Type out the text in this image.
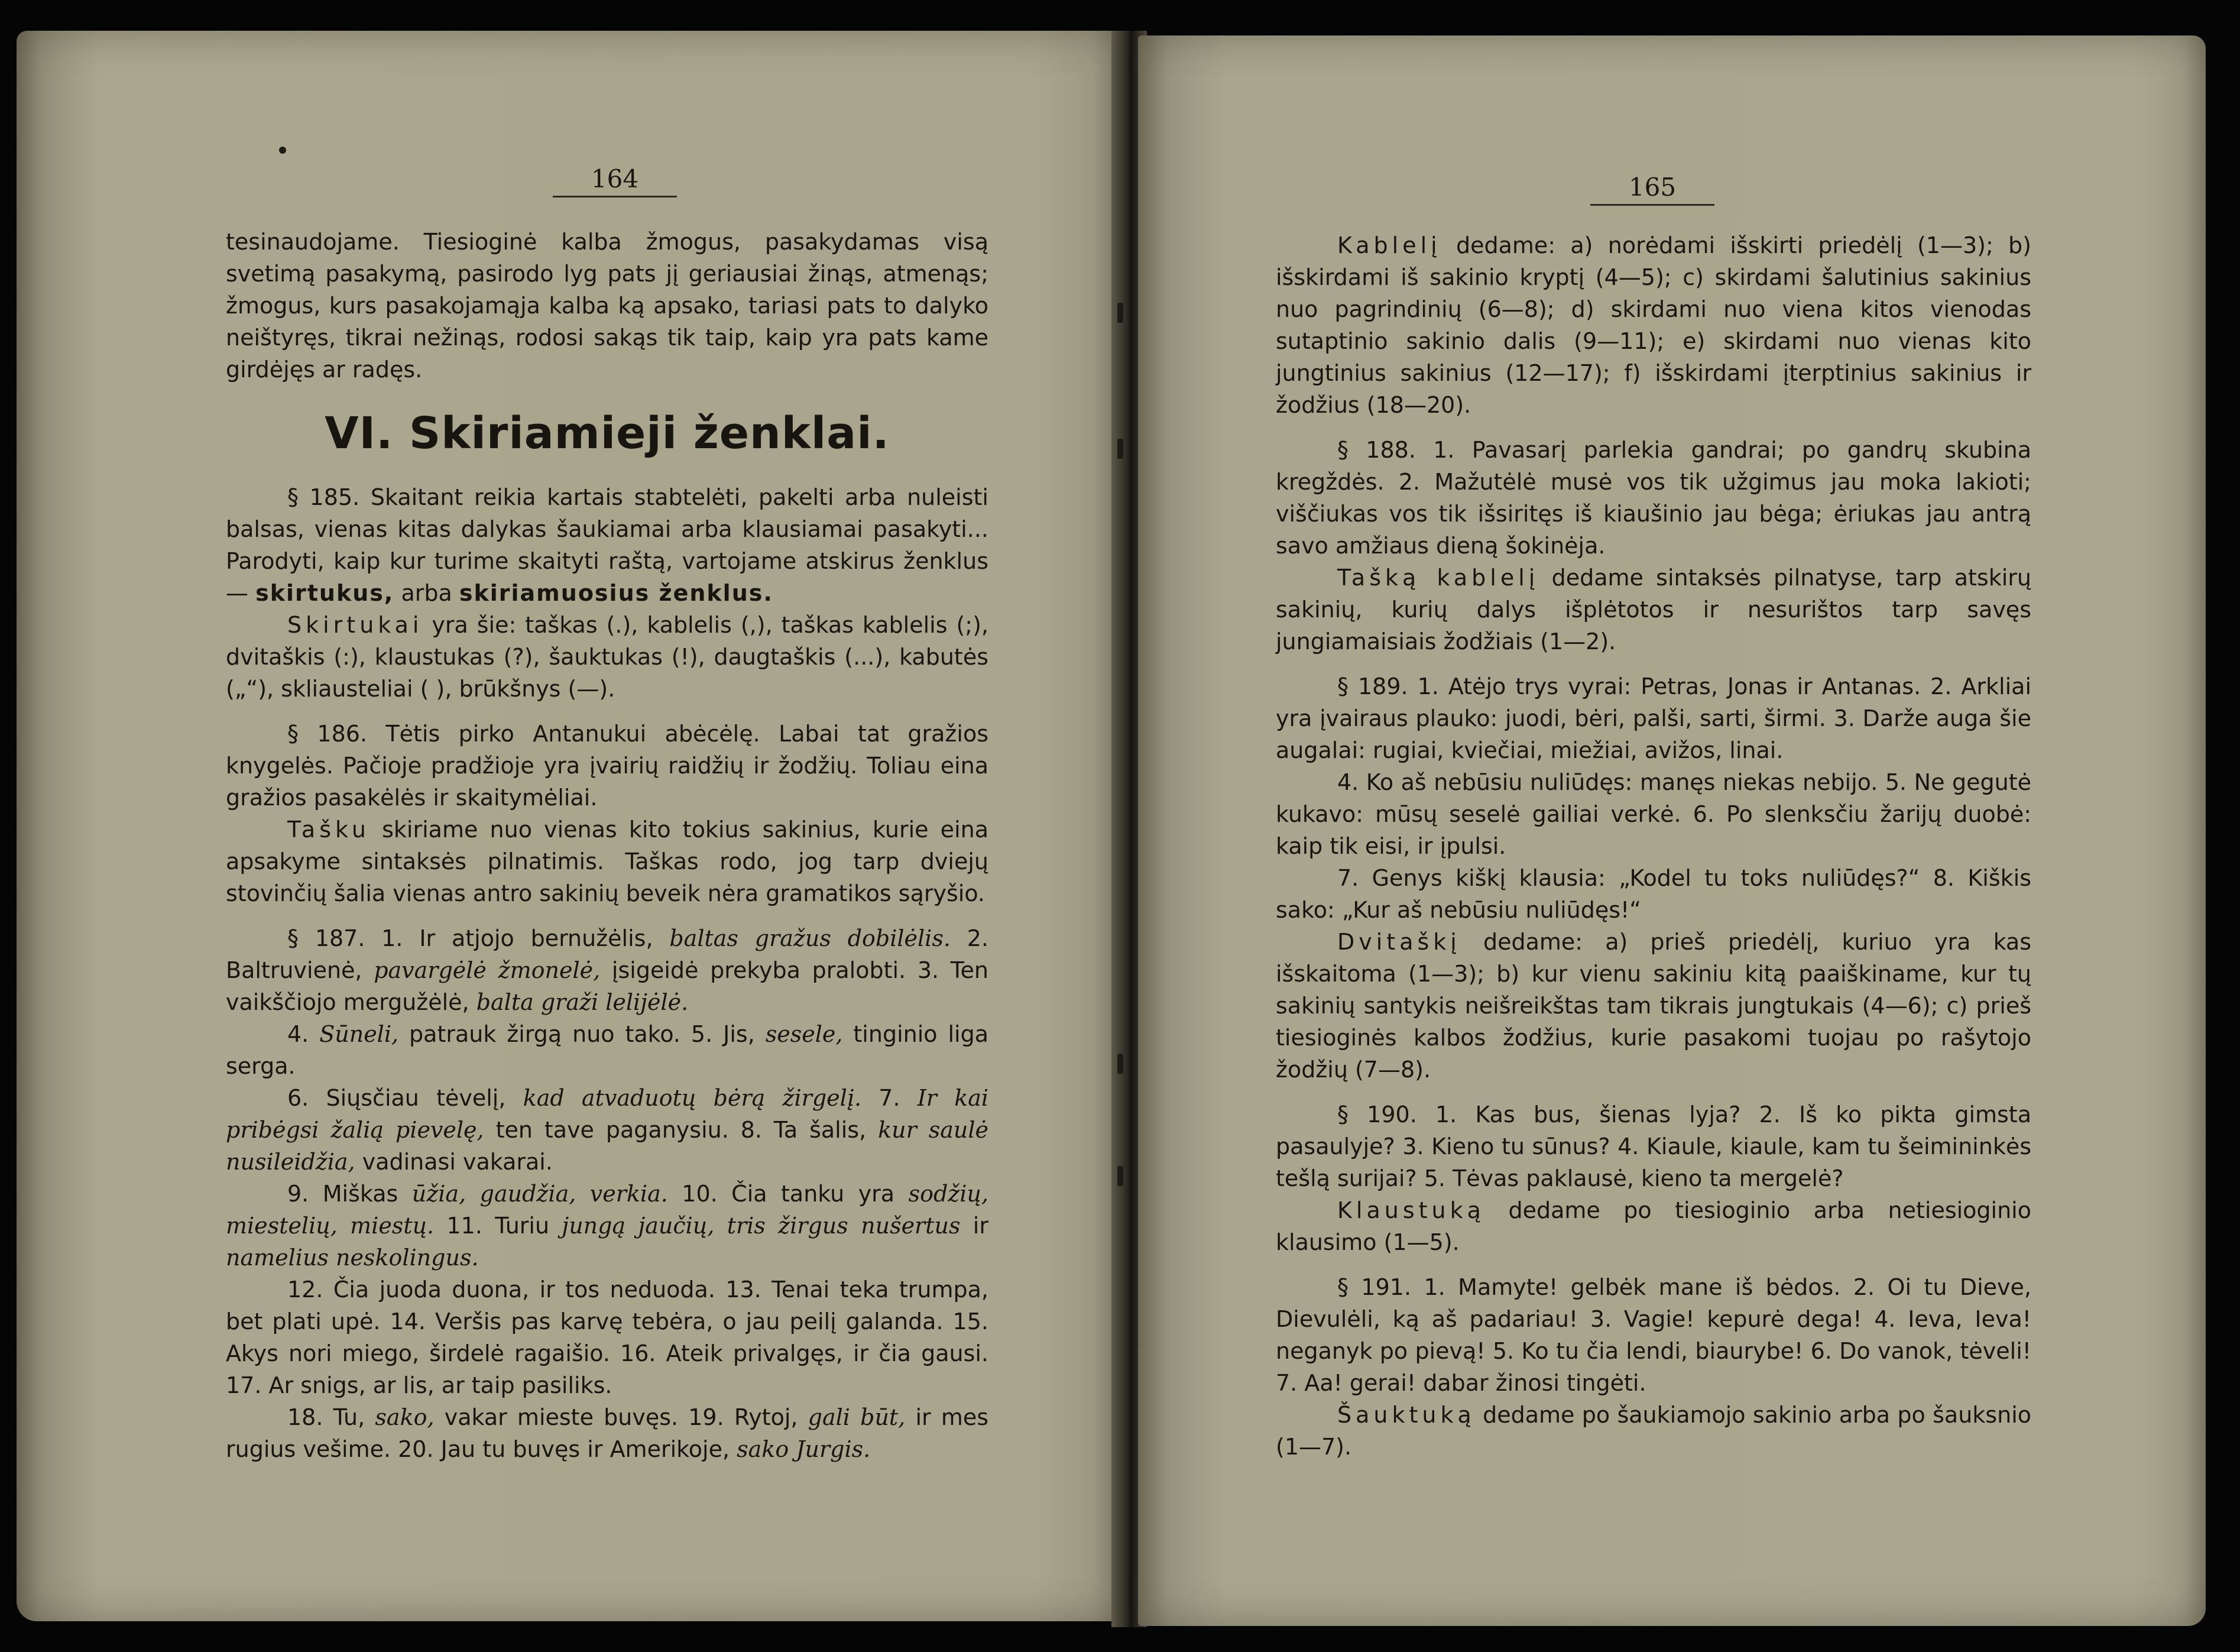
164

tesinaudojame. Tiesioginė kalba žmogus, pasakydamas visą svetimą pasakymą, pasirodo lyg pats jį geriausiai žinąs, atmenąs; žmogus, kurs pasakojamąja kalba ką apsako, tariasi pats to dalyko neištyręs, tikrai nežinąs, rodosi sakąs tik taip, kaip yra pats kame girdėjęs ar radęs.

VI. Skiriamieji ženklai.

§ 185. Skaitant reikia kartais stabtelėti, pakelti arba nuleisti balsas, vienas kitas dalykas šaukiamai arba klausiamai pasakyti... Parodyti, kaip kur turime skaityti raštą, vartojame atskirus ženklus — skirtukus, arba skiriamuosius ženklus.

Skirtukai yra šie: taškas (.), kablelis (,), taškas kablelis (;), dvitaškis (:), klaustukas (?), šauktukas (!), daugtaškis (...), kabutės („“), skliausteliai ( ), brūkšnys (—).

§ 186. Tėtis pirko Antanukui abėcėlę. Labai tat gražios knygelės. Pačioje pradžioje yra įvairių raidžių ir žodžių. Toliau eina gražios pasakėlės ir skaitymėliai.

Tašku skiriame nuo vienas kito tokius sakinius, kurie eina apsakyme sintaksės pilnatimis. Taškas rodo, jog tarp dviejų stovinčių šalia vienas antro sakinių beveik nėra gramatikos sąryšio.

§ 187. 1. Ir atjojo bernužėlis, baltas gražus dobilėlis. 2. Baltruvienė, pavargėlė žmonelė, įsigeidė prekyba pralobti. 3. Ten vaikščiojo mergužėlė, balta graži lelijėlė.

4. Sūneli, patrauk žirgą nuo tako. 5. Jis, sesele, tinginio liga serga.

6. Siųsčiau tėvelį, kad atvaduotų bėrą žirgelį. 7. Ir kai pribėgsi žalią pievelę, ten tave paganysiu. 8. Ta šalis, kur saulė nusileidžia, vadinasi vakarai.

9. Miškas ūžia, gaudžia, verkia. 10. Čia tanku yra sodžių, miestelių, miestų. 11. Turiu jungą jaučių, tris žirgus nušertus ir namelius neskolingus.

12. Čia juoda duona, ir tos neduoda. 13. Tenai teka trumpa, bet plati upė. 14. Veršis pas karvę tebėra, o jau peilį galanda. 15. Akys nori miego, širdelė ragaišio. 16. Ateik privalgęs, ir čia gausi. 17. Ar snigs, ar lis, ar taip pasiliks.

18. Tu, sako, vakar mieste buvęs. 19. Rytoj, gali būt, ir mes rugius vešime. 20. Jau tu buvęs ir Amerikoje, sako Jurgis.

165

Kablelį dedame: a) norėdami išskirti priedėlį (1—3); b) išskirdami iš sakinio kryptį (4—5); c) skirdami šalutinius sakinius nuo pagrindinių (6—8); d) skirdami nuo viena kitos vienodas sutaptinio sakinio dalis (9—11); e) skirdami nuo vienas kito jungtinius sakinius (12—17); f) išskirdami įterptinius sakinius ir žodžius (18—20).

§ 188. 1. Pavasarį parlekia gandrai; po gandrų skubina kregždės. 2. Mažutėlė musė vos tik užgimus jau moka lakioti; viščiukas vos tik išsiritęs iš kiaušinio jau bėga; ėriukas jau antrą savo amžiaus dieną šokinėja.

Tašką kablelį dedame sintaksės pilnatyse, tarp atskirų sakinių, kurių dalys išplėtotos ir nesurištos tarp savęs jungiamaisiais žodžiais (1—2).

§ 189. 1. Atėjo trys vyrai: Petras, Jonas ir Antanas. 2. Arkliai yra įvairaus plauko: juodi, bėri, palši, sarti, širmi. 3. Darže auga šie augalai: rugiai, kviečiai, miežiai, avižos, linai.

4. Ko aš nebūsiu nuliūdęs: manęs niekas nebijo. 5. Ne gegutė kukavo: mūsų seselė gailiai verkė. 6. Po slenksčiu žarijų duobė: kaip tik eisi, ir įpulsi.

7. Genys kiškį klausia: „Kodel tu toks nuliūdęs?“ 8. Kiškis sako: „Kur aš nebūsiu nuliūdęs!“

Dvitaškį dedame: a) prieš priedėlį, kuriuo yra kas išskaitoma (1—3); b) kur vienu sakiniu kitą paaiškiname, kur tų sakinių santykis neišreikštas tam tikrais jungtukais (4—6); c) prieš tiesioginės kalbos žodžius, kurie pasakomi tuojau po rašytojo žodžių (7—8).

§ 190. 1. Kas bus, šienas lyja? 2. Iš ko pikta gimsta pasaulyje? 3. Kieno tu sūnus? 4. Kiaule, kiaule, kam tu šeimininkės tešlą surijai? 5. Tėvas paklausė, kieno ta mergelė?

Klaustuką dedame po tiesioginio arba netiesioginio klausimo (1—5).

§ 191. 1. Mamyte! gelbėk mane iš bėdos. 2. Oi tu Dieve, Dievulėli, ką aš padariau! 3. Vagie! kepurė dega! 4. Ieva, Ieva! neganyk po pievą! 5. Ko tu čia lendi, biaurybe! 6. Do vanok, tėveli! 7. Aa! gerai! dabar žinosi tingėti.

Šauktuką dedame po šaukiamojo sakinio arba po šauksnio (1—7).
